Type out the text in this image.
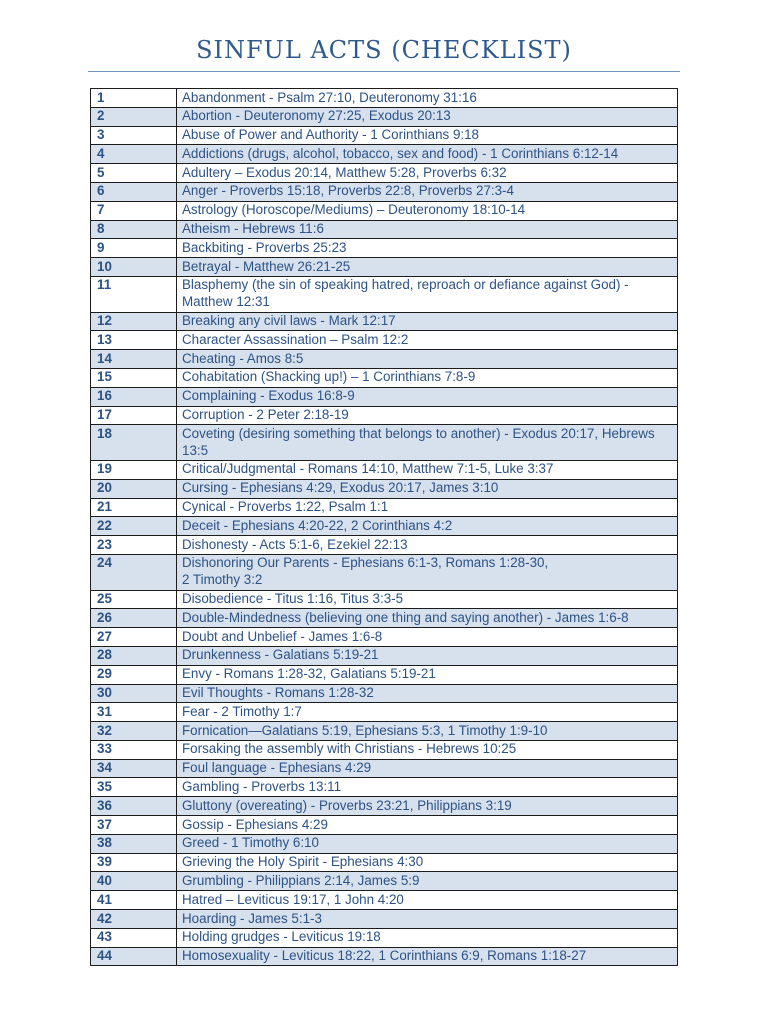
SINFUL ACTS (CHECKLIST)
1	Abandonment - Psalm 27:10, Deuteronomy 31:16
2	Abortion - Deuteronomy 27:25, Exodus 20:13
3	Abuse of Power and Authority - 1 Corinthians 9:18
4	Addictions (drugs, alcohol, tobacco, sex and food) - 1 Corinthians 6:12-14
5	Adultery – Exodus 20:14, Matthew 5:28, Proverbs 6:32
6	Anger - Proverbs 15:18, Proverbs 22:8, Proverbs 27:3-4
7	Astrology (Horoscope/Mediums) – Deuteronomy 18:10-14
8	Atheism - Hebrews 11:6
9	Backbiting - Proverbs 25:23
10	Betrayal - Matthew 26:21-25
11	Blasphemy (the sin of speaking hatred, reproach or defiance against God) -Matthew 12:31
12	Breaking any civil laws - Mark 12:17
13	Character Assassination – Psalm 12:2
14	Cheating - Amos 8:5
15	Cohabitation (Shacking up!) – 1 Corinthians 7:8-9
16	Complaining - Exodus 16:8-9
17	Corruption - 2 Peter 2:18-19
18	Coveting (desiring something that belongs to another) - Exodus 20:17, Hebrews 13:5
19	Critical/Judgmental - Romans 14:10, Matthew 7:1-5, Luke 3:37
20	Cursing - Ephesians 4:29, Exodus 20:17, James 3:10
21	Cynical - Proverbs 1:22, Psalm 1:1
22	Deceit - Ephesians 4:20-22, 2 Corinthians 4:2
23	Dishonesty - Acts 5:1-6, Ezekiel 22:13
24	Dishonoring Our Parents - Ephesians 6:1-3, Romans 1:28-30,
2 Timothy 3:2
25	Disobedience - Titus 1:16, Titus 3:3-5
26	Double-Mindedness (believing one thing and saying another) - James 1:6-8
27	Doubt and Unbelief - James 1:6-8
28	Drunkenness - Galatians 5:19-21
29	Envy - Romans 1:28-32, Galatians 5:19-21
30	Evil Thoughts - Romans 1:28-32
31	Fear - 2 Timothy 1:7
32	Fornication—Galatians 5:19, Ephesians 5:3, 1 Timothy 1:9-10
33	Forsaking the assembly with Christians - Hebrews 10:25
34	Foul language - Ephesians 4:29
35	Gambling - Proverbs 13:11
36	Gluttony (overeating) - Proverbs 23:21, Philippians 3:19
37	Gossip - Ephesians 4:29
38	Greed - 1 Timothy 6:10
39	Grieving the Holy Spirit - Ephesians 4:30
40	Grumbling - Philippians 2:14, James 5:9
41	Hatred – Leviticus 19:17, 1 John 4:20
42	Hoarding - James 5:1-3
43	Holding grudges - Leviticus 19:18
44	Homosexuality - Leviticus 18:22, 1 Corinthians 6:9, Romans 1:18-27
